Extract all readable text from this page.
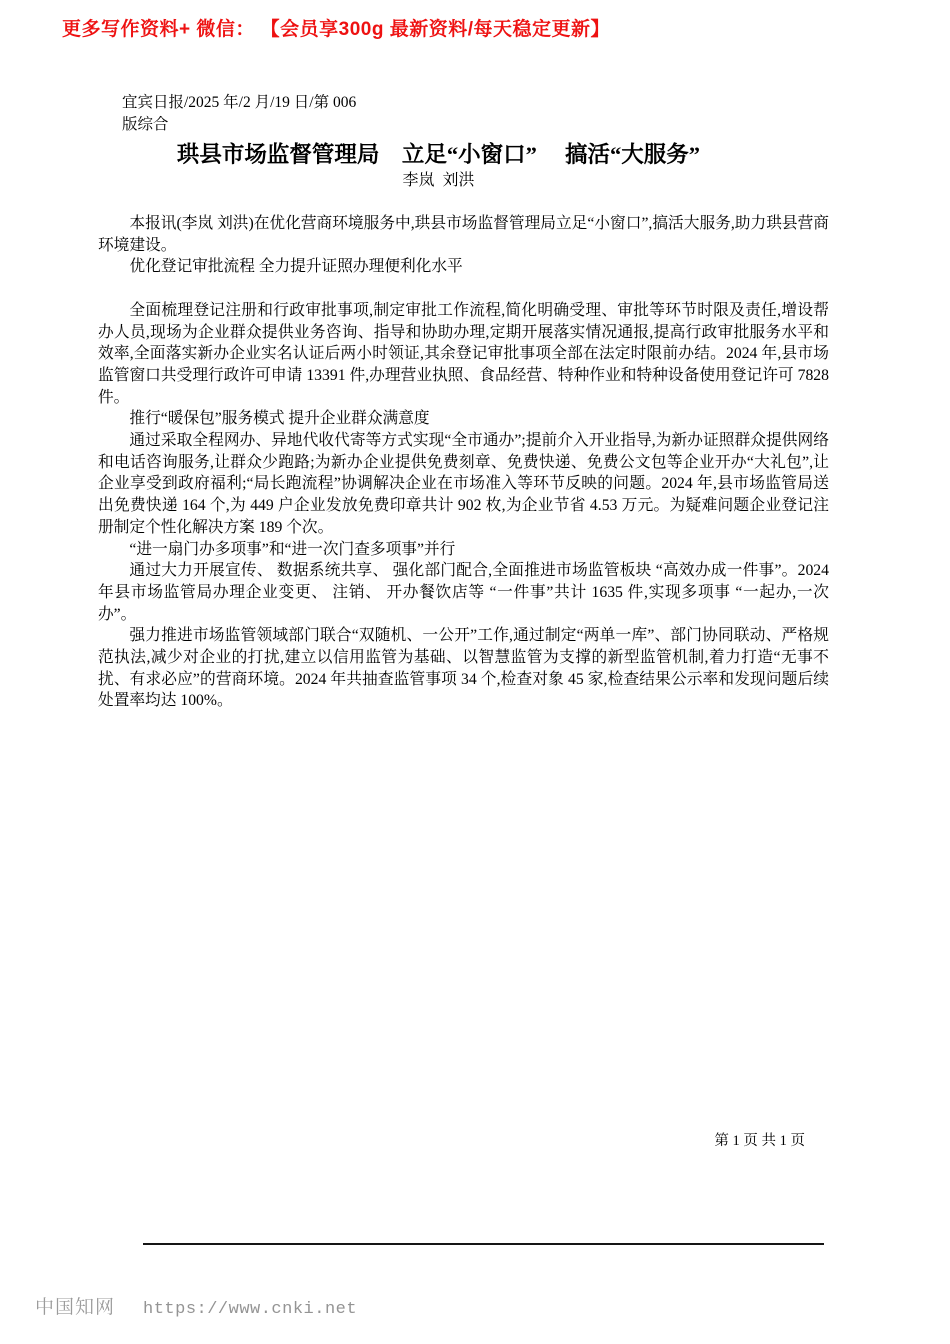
更多写作资料+ 微信： 【会员享300g 最新资料/每天稳定更新】
宜宾日报/2025 年/2 月/19 日/第 006
版综合
珙县市场监督管理局　立足“小窗口”　 搞活“大服务”
李岚 刘洪

本报讯(李岚 刘洪)在优化营商环境服务中,珙县市场监督管理局立足“小窗口”,搞活大服务,助力珙县营商环境建设。

优化登记审批流程 全力提升证照办理便利化水平

全面梳理登记注册和行政审批事项,制定审批工作流程,简化明确受理、审批等环节时限及责任,增设帮办人员,现场为企业群众提供业务咨询、指导和协助办理,定期开展落实情况通报,提高行政审批服务水平和效率,全面落实新办企业实名认证后两小时领证,其余登记审批事项全部在法定时限前办结。2024 年,县市场监管窗口共受理行政许可申请 13391 件,办理营业执照、食品经营、特种作业和特种设备使用登记许可 7828 件。

推行“暖保包”服务模式 提升企业群众满意度

通过采取全程网办、异地代收代寄等方式实现“全市通办”;提前介入开业指导,为新办证照群众提供网络和电话咨询服务,让群众少跑路;为新办企业提供免费刻章、免费快递、免费公文包等企业开办“大礼包”,让企业享受到政府福利;“局长跑流程”协调解决企业在市场准入等环节反映的问题。2024 年,县市场监管局送出免费快递 164 个,为 449 户企业发放免费印章共计 902 枚,为企业节省 4.53 万元。为疑难问题企业登记注册制定个性化解决方案 189 个次。

“进一扇门办多项事”和“进一次门查多项事”并行

通过大力开展宣传、 数据系统共享、 强化部门配合,全面推进市场监管板块 “高效办成一件事”。2024 年县市场监管局办理企业变更、 注销、 开办餐饮店等 “一件事”共计 1635 件,实现多项事 “一起办,一次办”。

强力推进市场监管领域部门联合“双随机、一公开”工作,通过制定“两单一库”、部门协同联动、严格规范执法,减少对企业的打扰,建立以信用监管为基础、以智慧监管为支撑的新型监管机制,着力打造“无事不扰、有求必应”的营商环境。2024 年共抽查监管事项 34 个,检查对象 45 家,检查结果公示率和发现问题后续处置率均达 100%。

第 1 页 共 1 页
中国知网 https://www.cnki.net
